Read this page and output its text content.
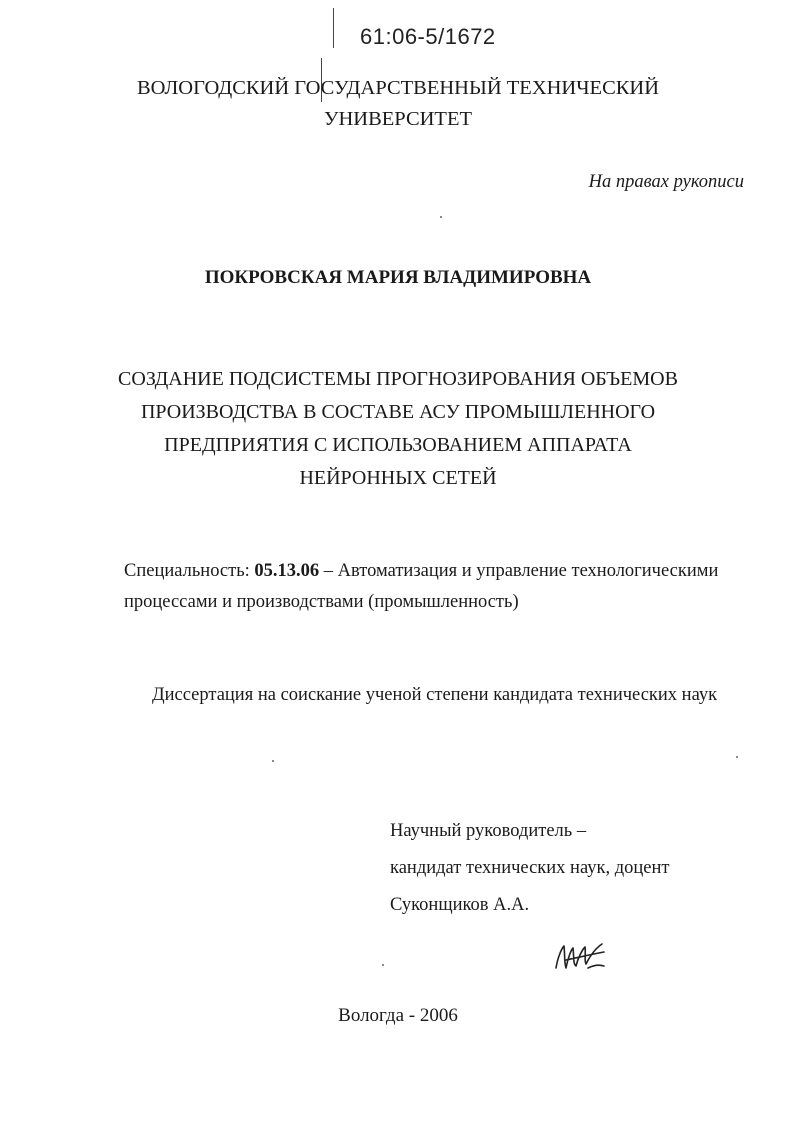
61:06-5/1672
ВОЛОГОДСКИЙ ГОСУДАРСТВЕННЫЙ ТЕХНИЧЕСКИЙ
УНИВЕРСИТЕТ
На правах рукописи
ПОКРОВСКАЯ МАРИЯ ВЛАДИМИРОВНА
СОЗДАНИЕ ПОДСИСТЕМЫ ПРОГНОЗИРОВАНИЯ ОБЪЕМОВ
ПРОИЗВОДСТВА В СОСТАВЕ АСУ ПРОМЫШЛЕННОГО
ПРЕДПРИЯТИЯ С ИСПОЛЬЗОВАНИЕМ АППАРАТА
НЕЙРОННЫХ СЕТЕЙ
Специальность: 05.13.06 – Автоматизация и управление технологическими
процессами и производствами (промышленность)
Диссертация на соискание ученой степени кандидата технических наук
Научный руководитель –
кандидат технических наук, доцент
Суконщиков А.А.
Вологда - 2006
